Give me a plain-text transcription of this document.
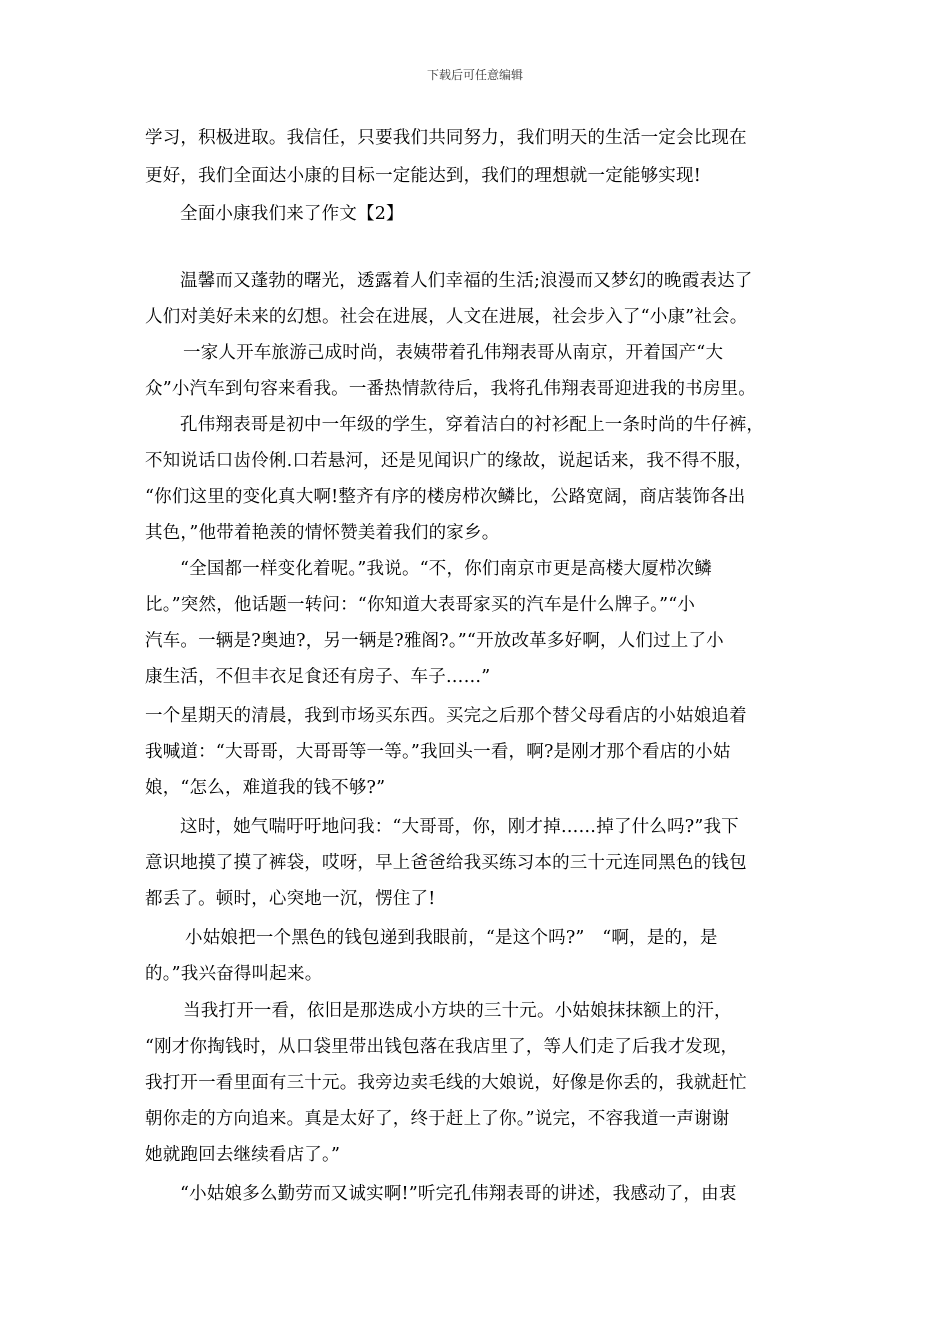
下载后可任意编辑
学习，积极进取。我信任，只要我们共同努力，我们明天的生活一定会比现在
更好，我们全面达小康的目标一定能达到，我们的理想就一定能够实现!
全面小康我们来了作文【2】
温馨而又蓬勃的曙光，透露着人们幸福的生活;浪漫而又梦幻的晚霞表达了
人们对美好未来的幻想。社会在进展，人文在进展，社会步入了“小康”社会。
一家人开车旅游己成时尚，表姨带着孔伟翔表哥从南京，开着国产“大
众”小汽车到句容来看我。一番热情款待后，我将孔伟翔表哥迎进我的书房里。
孔伟翔表哥是初中一年级的学生，穿着洁白的衬衫配上一条时尚的牛仔裤，
不知说话口齿伶俐.口若悬河，还是见闻识广的缘故，说起话来，我不得不服，
“你们这里的变化真大啊!整齐有序的楼房栉次鳞比，公路宽阔，商店装饰各出
其色，”他带着艳羡的情怀赞美着我们的家乡。
“全国都一样变化着呢。”我说。“不，你们南京市更是高楼大厦栉次鳞
比。”突然，他话题一转问：“你知道大表哥家买的汽车是什么牌子。”“小
汽车。一辆是?奥迪?，另一辆是?雅阁?。”“开放改革多好啊，人们过上了小
康生活，不但丰衣足食还有房子、车子……”
一个星期天的清晨，我到市场买东西。买完之后那个替父母看店的小姑娘追着
我喊道：“大哥哥，大哥哥等一等。”我回头一看，啊?是刚才那个看店的小姑
娘，“怎么，难道我的钱不够?”
这时，她气喘吁吁地问我：“大哥哥，你，刚才掉……掉了什么吗?”我下
意识地摸了摸了裤袋，哎呀，早上爸爸给我买练习本的三十元连同黑色的钱包
都丢了。顿时，心突地一沉，愣住了!
小姑娘把一个黑色的钱包递到我眼前，“是这个吗?”　“啊，是的，是
的。”我兴奋得叫起来。
当我打开一看，依旧是那迭成小方块的三十元。小姑娘抹抹额上的汗，
“刚才你掏钱时，从口袋里带出钱包落在我店里了，等人们走了后我才发现，
我打开一看里面有三十元。我旁边卖毛线的大娘说，好像是你丢的，我就赶忙
朝你走的方向追来。真是太好了，终于赶上了你。”说完，不容我道一声谢谢
她就跑回去继续看店了。”
“小姑娘多么勤劳而又诚实啊!”听完孔伟翔表哥的讲述，我感动了，由衷
